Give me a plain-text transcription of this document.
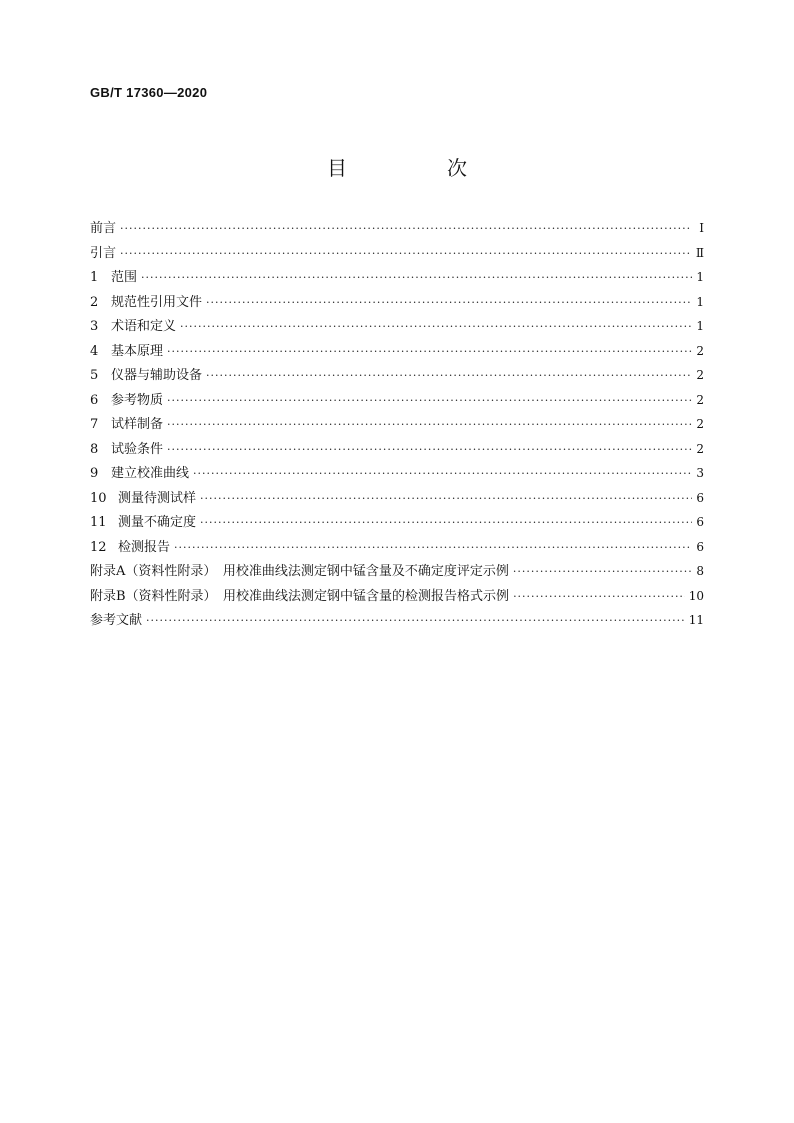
GB/T 17360—2020
目　次
前言 ·····	Ⅰ
引言 ·····	Ⅱ
1 范围 ·····	1
2 规范性引用文件 ·····	1
3 术语和定义 ·····	1
4 基本原理 ·····	2
5 仪器与辅助设备 ·····	2
6 参考物质 ·····	2
7 试样制备 ·····	2
8 试验条件 ·····	2
9 建立校准曲线 ·····	3
10 测量待测试样 ·····	6
11 测量不确定度 ·····	6
12 检测报告 ·····	6
附录A（资料性附录）　用校准曲线法测定钢中锰含量及不确定度评定示例 ·····	8
附录B（资料性附录）　用校准曲线法测定钢中锰含量的检测报告格式示例 ·····	10
参考文献 ·····	11
